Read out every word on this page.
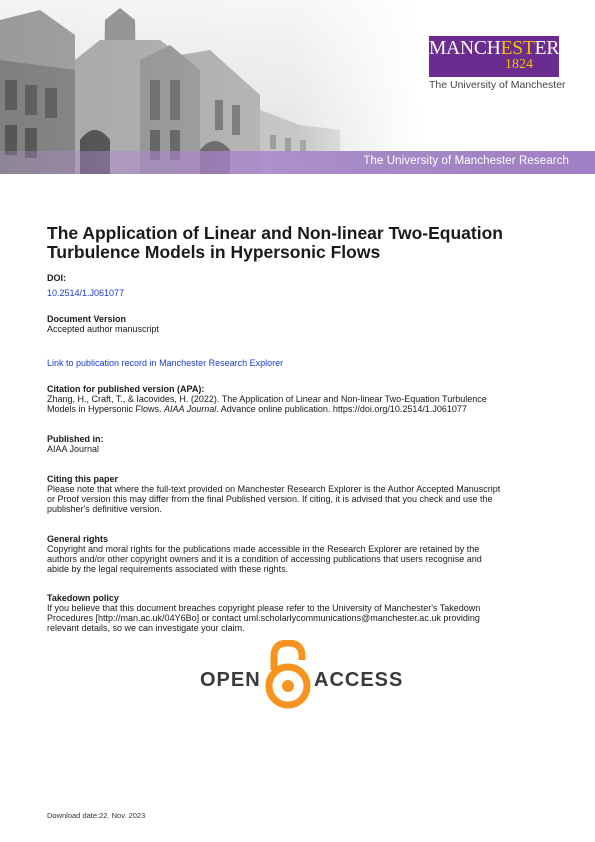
The University of Manchester Research
MANCHESTER
1824
The University of Manchester
The Application of Linear and Non-linear Two-Equation Turbulence Models in Hypersonic Flows
DOI:
10.2514/1.J061077
Document Version
Accepted author manuscript
Link to publication record in Manchester Research Explorer
Citation for published version (APA):
Zhang, H., Craft, T., & Iacovides, H. (2022). The Application of Linear and Non-linear Two-Equation Turbulence
Models in Hypersonic Flows. AIAA Journal. Advance online publication. https://doi.org/10.2514/1.J061077
Published in:
AIAA Journal
Citing this paper
Please note that where the full-text provided on Manchester Research Explorer is the Author Accepted Manuscript
or Proof version this may differ from the final Published version. If citing, it is advised that you check and use the
publisher's definitive version.
General rights
Copyright and moral rights for the publications made accessible in the Research Explorer are retained by the
authors and/or other copyright owners and it is a condition of accessing publications that users recognise and
abide by the legal requirements associated with these rights.
Takedown policy
If you believe that this document breaches copyright please refer to the University of Manchester's Takedown
Procedures [http://man.ac.uk/04Y6Bo] or contact uml.scholarlycommunications@manchester.ac.uk providing
relevant details, so we can investigate your claim.
OPEN	ACCESS
Download date:22. Nov. 2023
